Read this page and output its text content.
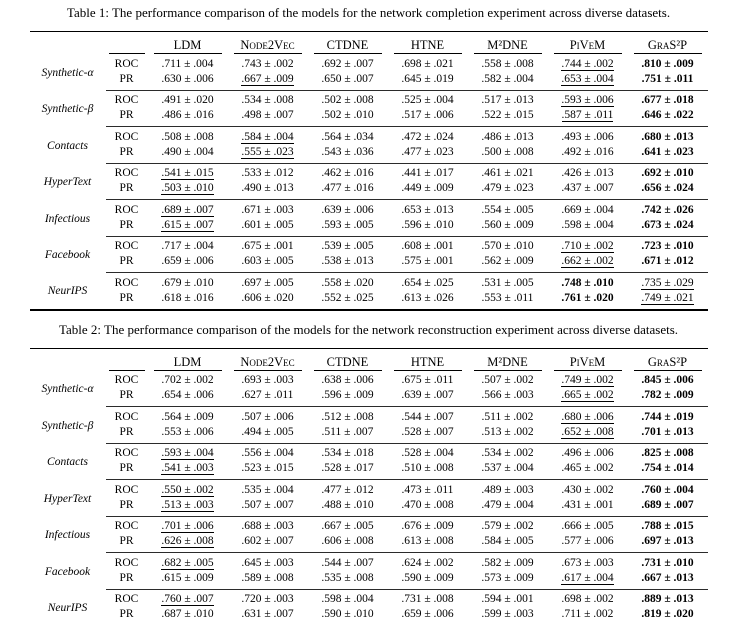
Table 1: The performance comparison of the models for the network completion experiment across diverse datasets.

		LDM	Node2Vec	CTDNE	HTNE	M²DNE	PiVeM	GraS²P

Synthetic-α	ROC	.711 ± .004	.743 ± .002	.692 ± .007	.698 ± .021	.558 ± .008	.744 ± .002	.810 ± .009
	PR	.630 ± .006	.667 ± .009	.650 ± .007	.645 ± .019	.582 ± .004	.653 ± .004	.751 ± .011
Synthetic-β	ROC	.491 ± .020	.534 ± .008	.502 ± .008	.525 ± .004	.517 ± .013	.593 ± .006	.677 ± .018
	PR	.486 ± .016	.498 ± .007	.502 ± .010	.517 ± .006	.522 ± .015	.587 ± .011	.646 ± .022
Contacts	ROC	.508 ± .008	.584 ± .004	.564 ± .034	.472 ± .024	.486 ± .013	.493 ± .006	.680 ± .013
	PR	.490 ± .004	.555 ± .023	.543 ± .036	.477 ± .023	.500 ± .008	.492 ± .016	.641 ± .023
HyperText	ROC	.541 ± .015	.533 ± .012	.462 ± .016	.441 ± .017	.461 ± .021	.426 ± .013	.692 ± .010
	PR	.503 ± .010	.490 ± .013	.477 ± .016	.449 ± .009	.479 ± .023	.437 ± .007	.656 ± .024
Infectious	ROC	.689 ± .007	.671 ± .003	.639 ± .006	.653 ± .013	.554 ± .005	.669 ± .004	.742 ± .026
	PR	.615 ± .007	.601 ± .005	.593 ± .005	.596 ± .010	.560 ± .009	.598 ± .004	.673 ± .024
Facebook	ROC	.717 ± .004	.675 ± .001	.539 ± .005	.608 ± .001	.570 ± .010	.710 ± .002	.723 ± .010
	PR	.659 ± .006	.603 ± .005	.538 ± .013	.575 ± .001	.562 ± .009	.662 ± .002	.671 ± .012
NeurIPS	ROC	.679 ± .010	.697 ± .005	.558 ± .020	.654 ± .025	.531 ± .005	.748 ± .010	.735 ± .029
	PR	.618 ± .016	.606 ± .020	.552 ± .025	.613 ± .026	.553 ± .011	.761 ± .020	.749 ± .021
Table 2: The performance comparison of the models for the network reconstruction experiment across diverse datasets.

		LDM	Node2Vec	CTDNE	HTNE	M²DNE	PiVeM	GraS²P

Synthetic-α	ROC	.702 ± .002	.693 ± .003	.638 ± .006	.675 ± .011	.507 ± .002	.749 ± .002	.845 ± .006
	PR	.654 ± .006	.627 ± .011	.596 ± .009	.639 ± .007	.566 ± .003	.665 ± .002	.782 ± .009
Synthetic-β	ROC	.564 ± .009	.507 ± .006	.512 ± .008	.544 ± .007	.511 ± .002	.680 ± .006	.744 ± .019
	PR	.553 ± .006	.494 ± .005	.511 ± .007	.528 ± .007	.513 ± .002	.652 ± .008	.701 ± .013
Contacts	ROC	.593 ± .004	.556 ± .004	.534 ± .018	.528 ± .004	.534 ± .002	.496 ± .006	.825 ± .008
	PR	.541 ± .003	.523 ± .015	.528 ± .017	.510 ± .008	.537 ± .004	.465 ± .002	.754 ± .014
HyperText	ROC	.550 ± .002	.535 ± .004	.477 ± .012	.473 ± .011	.489 ± .003	.430 ± .002	.760 ± .004
	PR	.513 ± .003	.507 ± .007	.488 ± .010	.470 ± .008	.479 ± .004	.431 ± .001	.689 ± .007
Infectious	ROC	.701 ± .006	.688 ± .003	.667 ± .005	.676 ± .009	.579 ± .002	.666 ± .005	.788 ± .015
	PR	.626 ± .008	.602 ± .007	.606 ± .008	.613 ± .008	.584 ± .005	.577 ± .006	.697 ± .013
Facebook	ROC	.682 ± .005	.645 ± .003	.544 ± .007	.624 ± .002	.582 ± .009	.673 ± .003	.731 ± .010
	PR	.615 ± .009	.589 ± .008	.535 ± .008	.590 ± .009	.573 ± .009	.617 ± .004	.667 ± .013
NeurIPS	ROC	.760 ± .007	.720 ± .003	.598 ± .004	.731 ± .008	.594 ± .001	.698 ± .002	.889 ± .013
	PR	.687 ± .010	.631 ± .007	.590 ± .010	.659 ± .006	.599 ± .003	.711 ± .002	.819 ± .020
